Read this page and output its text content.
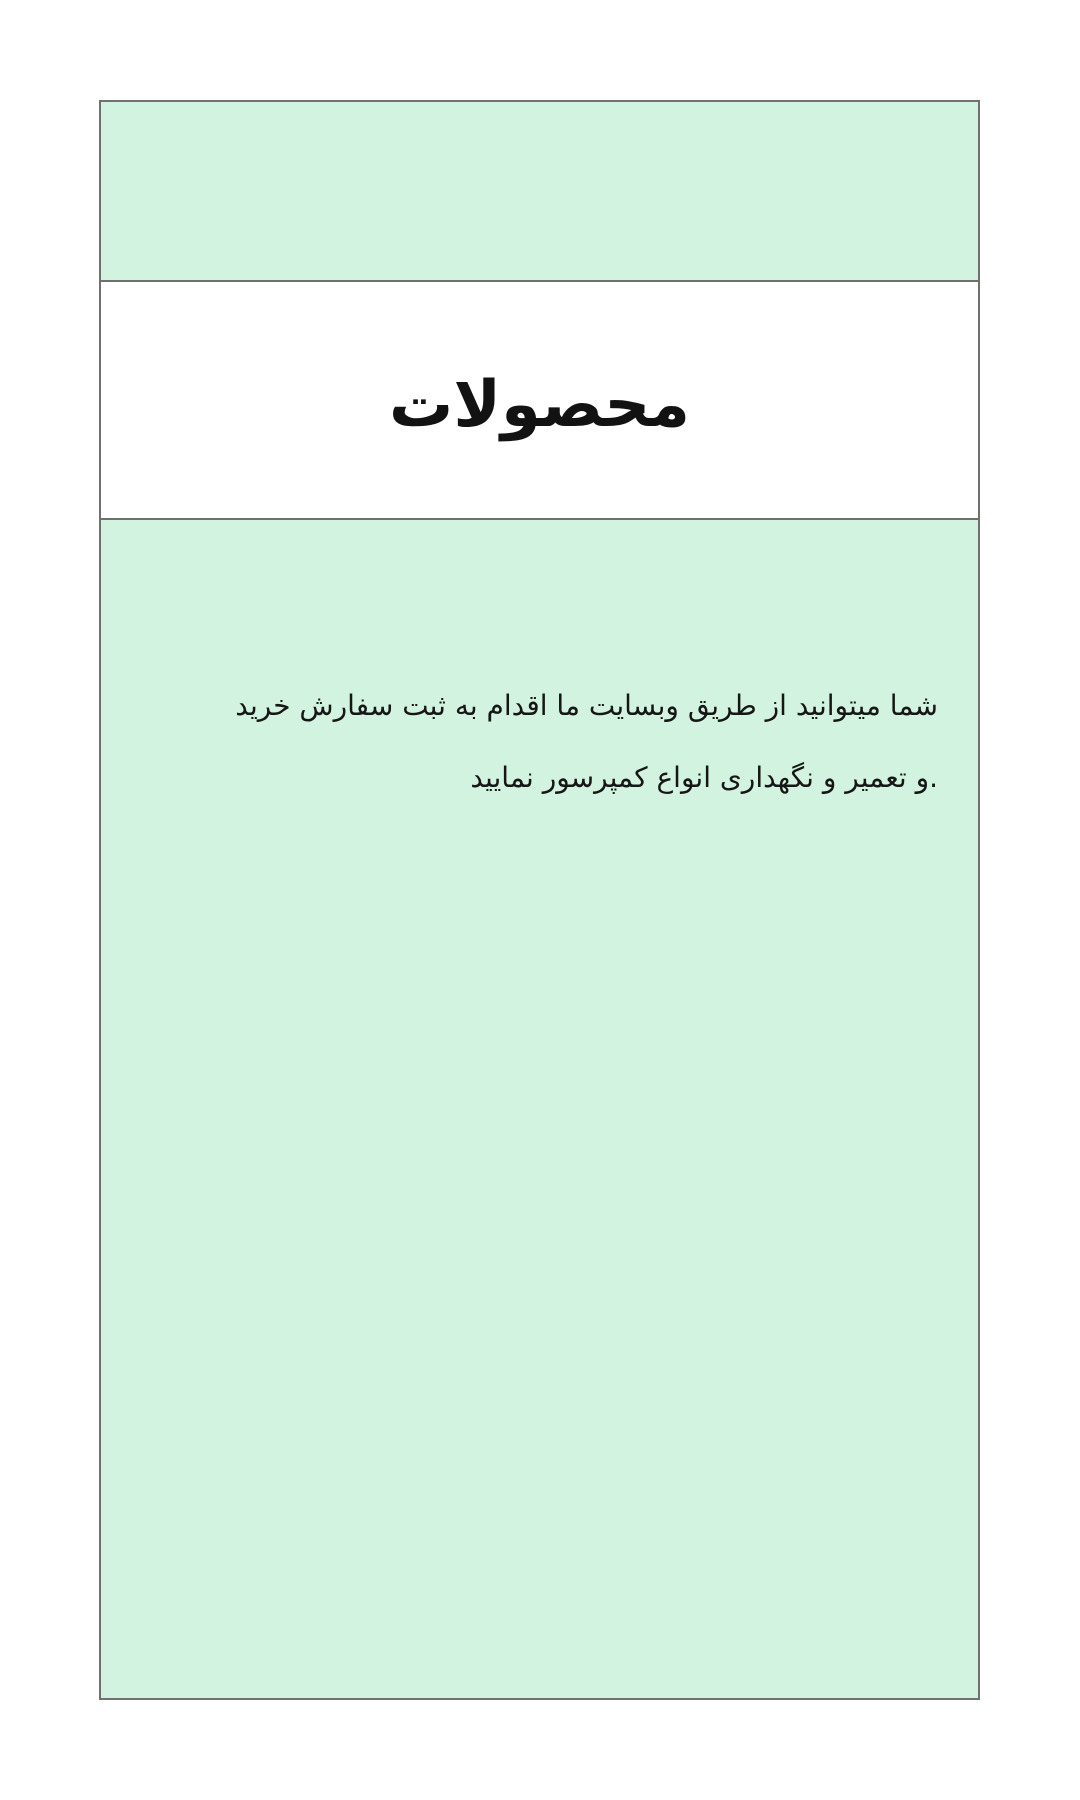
محصولات
شما میتوانید از طریق وبسایت ما اقدام به ثبت سفارش خرید
و تعمیر و نگهداری انواع کمپرسور نمایید.
